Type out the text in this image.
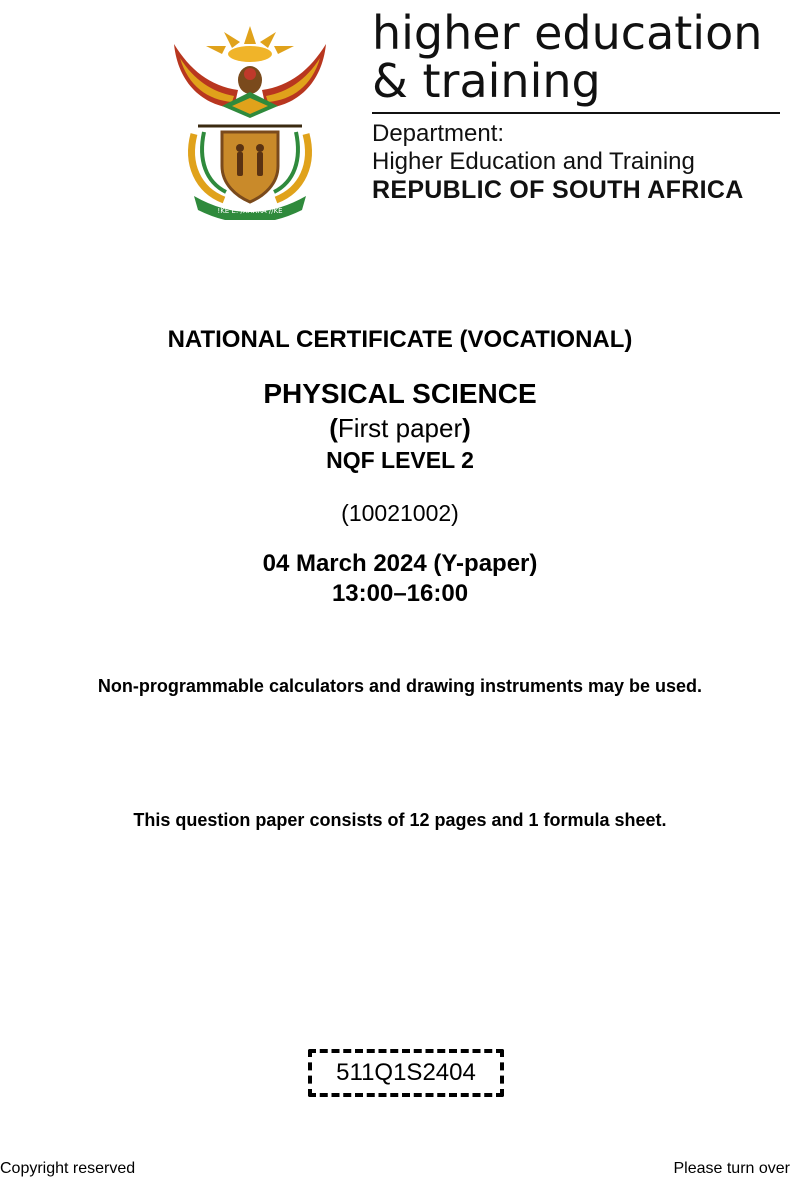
!KE E: /XARRA //KE
higher education
& training
Department:
Higher Education and Training
REPUBLIC OF SOUTH AFRICA
NATIONAL CERTIFICATE (VOCATIONAL)
PHYSICAL SCIENCE
(First paper)
NQF LEVEL 2
(10021002)
04 March 2024 (Y-paper)
13:00–16:00
Non-programmable calculators and drawing instruments may be used.
This question paper consists of 12 pages and 1 formula sheet.
511Q1S2404
Copyright reserved	Please turn over
